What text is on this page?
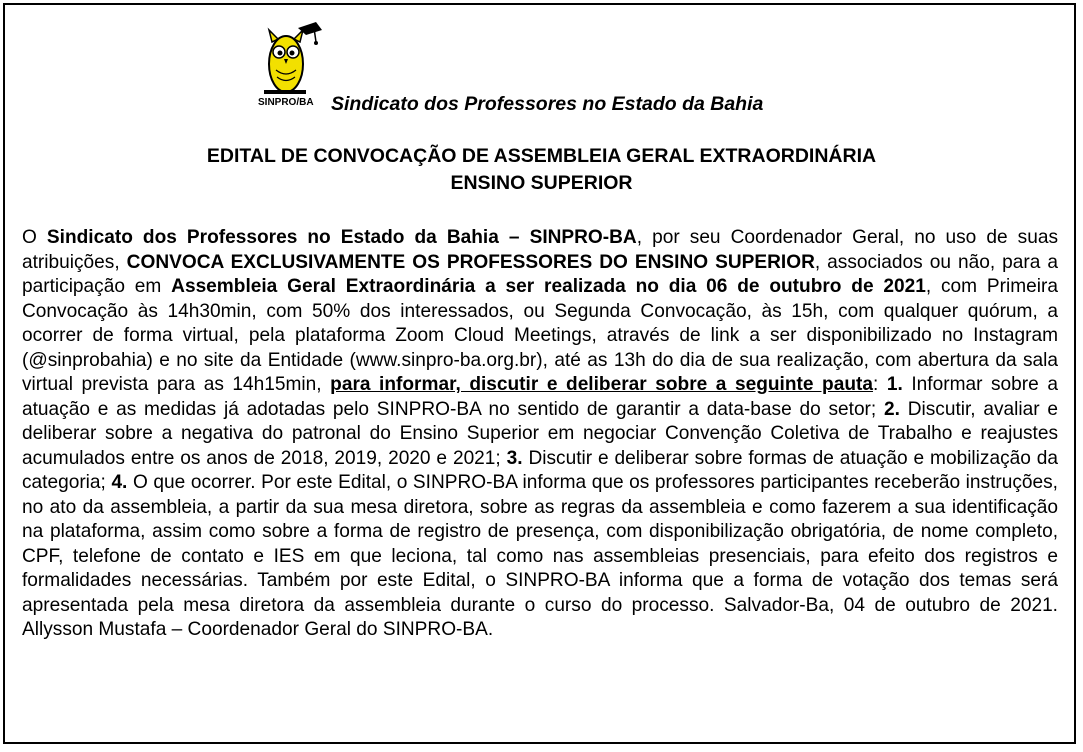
SINPRO/BA Sindicato dos Professores no Estado da Bahia
EDITAL DE CONVOCAÇÃO DE ASSEMBLEIA GERAL EXTRAORDINÁRIA
ENSINO SUPERIOR
O Sindicato dos Professores no Estado da Bahia – SINPRO-BA, por seu Coordenador Geral, no uso de suas atribuições, CONVOCA EXCLUSIVAMENTE OS PROFESSORES DO ENSINO SUPERIOR, associados ou não, para a participação em Assembleia Geral Extraordinária a ser realizada no dia 06 de outubro de 2021, com Primeira Convocação às 14h30min, com 50% dos interessados, ou Segunda Convocação, às 15h, com qualquer quórum, a ocorrer de forma virtual, pela plataforma Zoom Cloud Meetings, através de link a ser disponibilizado no Instagram (@sinprobahia) e no site da Entidade (www.sinpro-ba.org.br), até as 13h do dia de sua realização, com abertura da sala virtual prevista para as 14h15min, para informar, discutir e deliberar sobre a seguinte pauta: 1. Informar sobre a atuação e as medidas já adotadas pelo SINPRO-BA no sentido de garantir a data-base do setor; 2. Discutir, avaliar e deliberar sobre a negativa do patronal do Ensino Superior em negociar Convenção Coletiva de Trabalho e reajustes acumulados entre os anos de 2018, 2019, 2020 e 2021; 3. Discutir e deliberar sobre formas de atuação e mobilização da categoria; 4. O que ocorrer. Por este Edital, o SINPRO-BA informa que os professores participantes receberão instruções, no ato da assembleia, a partir da sua mesa diretora, sobre as regras da assembleia e como fazerem a sua identificação na plataforma, assim como sobre a forma de registro de presença, com disponibilização obrigatória, de nome completo, CPF, telefone de contato e IES em que leciona, tal como nas assembleias presenciais, para efeito dos registros e formalidades necessárias. Também por este Edital, o SINPRO-BA informa que a forma de votação dos temas será apresentada pela mesa diretora da assembleia durante o curso do processo. Salvador-Ba, 04 de outubro de 2021. Allysson Mustafa – Coordenador Geral do SINPRO-BA.
